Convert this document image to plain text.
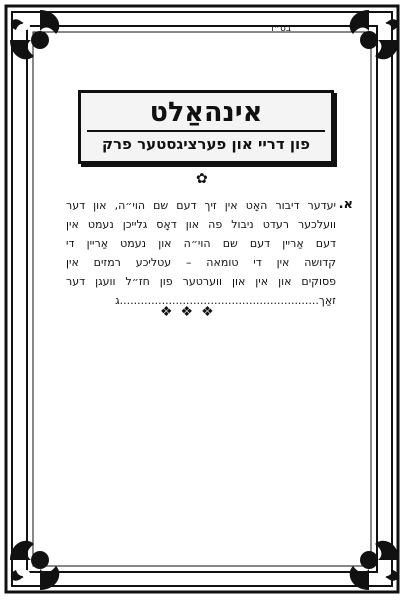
בס״ד
אינהאַלט
פון דריי און פערציגסטער פרק
✿
א.
יעדער דיבור האָט אין זיך דעם שם הוי״ה, און דער
וועלכער רעדט ניבול פה און דאָס גלייכן נעמט אין
דעם אַריין דעם שם הוי״ה און נעמט אַריין די
קדושה אין די טומאה – עטליכע רמזים אין
פסוקים און אין און ווערטער פון חז״ל וועגן דער
זאַך.........................................................ג
❖❖❖
